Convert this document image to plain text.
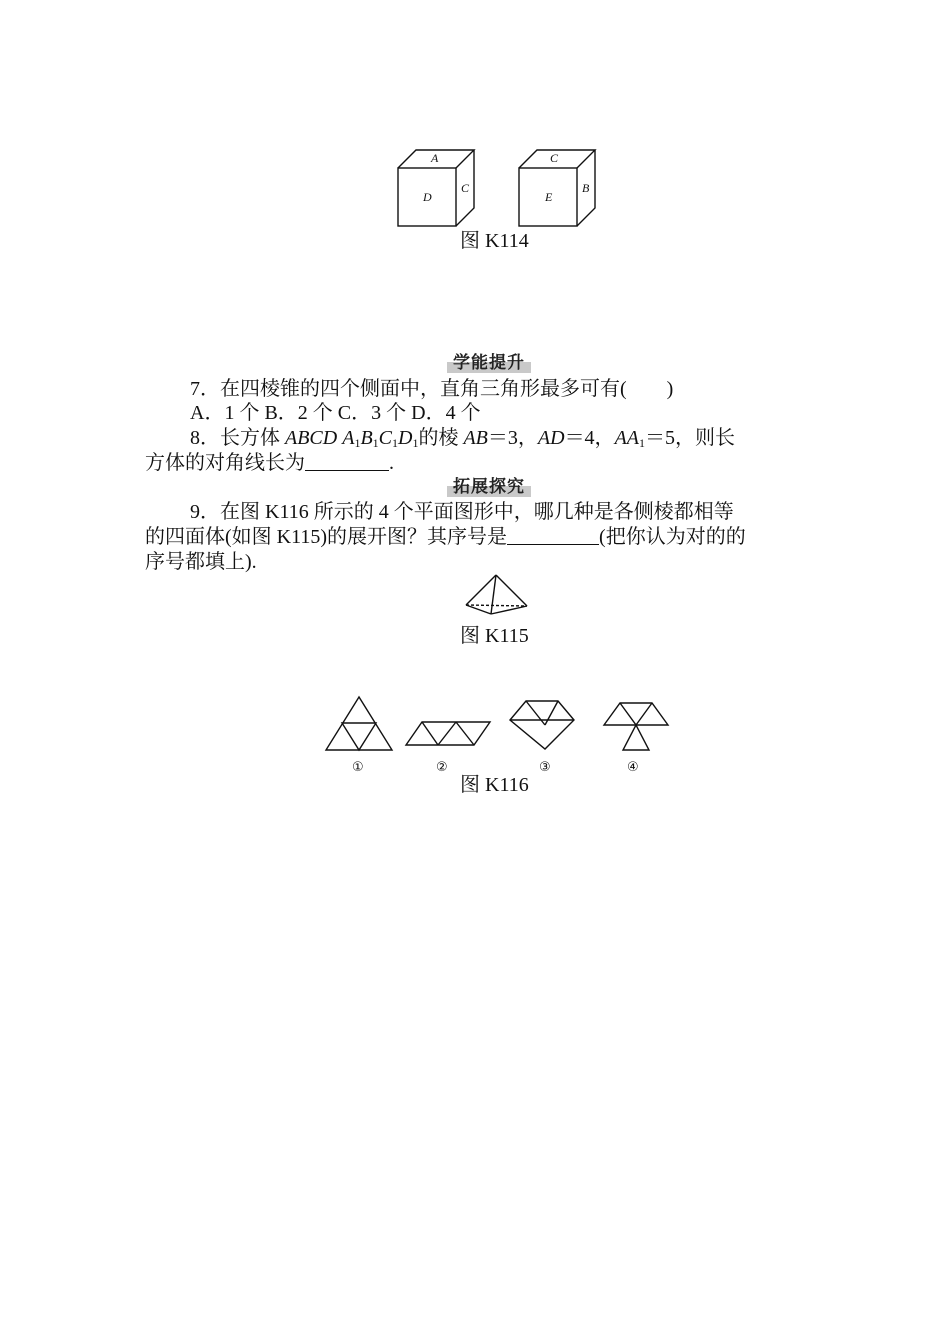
A
D
C
C
E
B
图 K114
学能提升
7．在四棱锥的四个侧面中，直角三角形最多可有(　　)
A．1 个 B．2 个 C．3 个 D．4 个
8．长方体 ABCD $A_1B_1C_1D_1$的棱 AB＝3，AD＝4，$AA_1=5$，则长
方体的对角线长为	.
拓展探究
9．在图 K116 所示的 4 个平面图形中，哪几种是各侧棱都相等
的四面体(如图 K115)的展开图？其序号是	(把你认为对的的
序号都填上).
图 K115
①	②	③	④
图 K116
